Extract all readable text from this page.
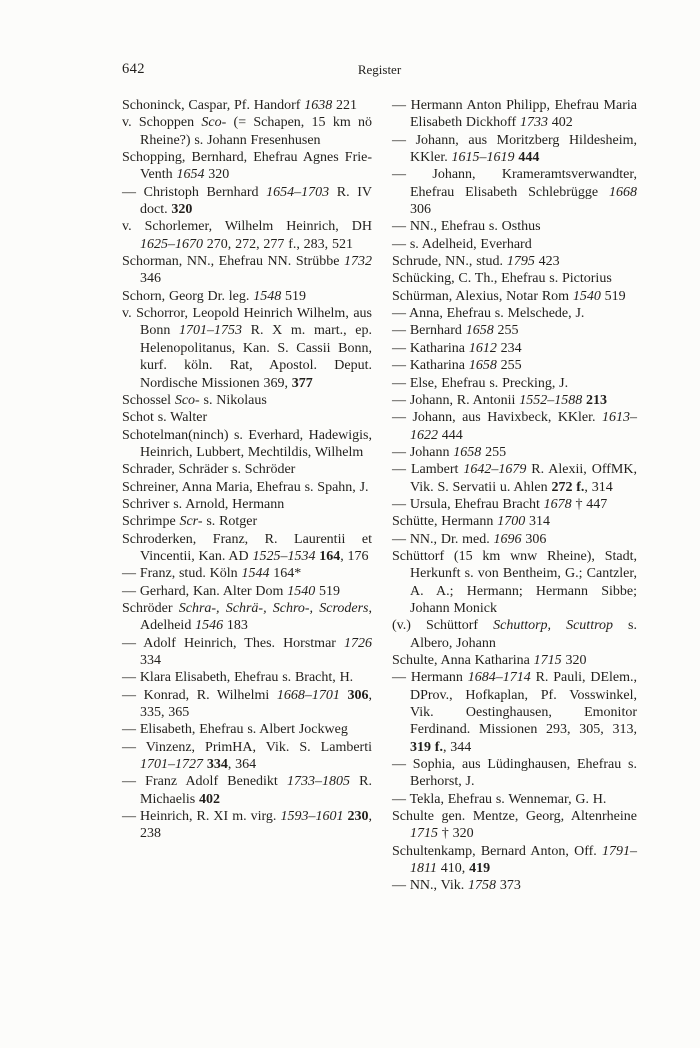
642	Register

Schoninck, Caspar, Pf. Handorf 1638 221

v. Schoppen Sco- (= Schapen, 15 km nö Rheine?) s. Johann Fresenhusen

Schopping, Bernhard, Ehefrau Agnes Frie-Venth 1654 320

— Christoph Bernhard 1654–1703 R. IV doct. 320

v. Schorlemer, Wilhelm Heinrich, DH 1625–1670 270, 272, 277 f., 283, 521

Schorman, NN., Ehefrau NN. Strübbe 1732 346

Schorn, Georg Dr. leg. 1548 519

v. Schorror, Leopold Heinrich Wilhelm, aus Bonn 1701–1753 R. X m. mart., ep. Helenopolitanus, Kan. S. Cassii Bonn, kurf. köln. Rat, Apostol. Deput. Nordische Missionen 369, 377

Schossel Sco- s. Nikolaus

Schot s. Walter

Schotelman(ninch) s. Everhard, Hadewigis, Heinrich, Lubbert, Mechtildis, Wilhelm

Schrader, Schräder s. Schröder

Schreiner, Anna Maria, Ehefrau s. Spahn, J.

Schriver s. Arnold, Hermann

Schrimpe Scr- s. Rotger

Schroderken, Franz, R. Laurentii et Vincentii, Kan. AD 1525–1534 164, 176

— Franz, stud. Köln 1544 164*

— Gerhard, Kan. Alter Dom 1540 519

Schröder Schra-, Schrä-, Schro-, Scroders, Adelheid 1546 183

— Adolf Heinrich, Thes. Horstmar 1726 334

— Klara Elisabeth, Ehefrau s. Bracht, H.

— Konrad, R. Wilhelmi 1668–1701 306, 335, 365

— Elisabeth, Ehefrau s. Albert Jockweg

— Vinzenz, PrimHA, Vik. S. Lamberti 1701–1727 334, 364

— Franz Adolf Benedikt 1733–1805 R. Michaelis 402

— Heinrich, R. XI m. virg. 1593–1601 230, 238

— Hermann Anton Philipp, Ehefrau Maria Elisabeth Dickhoff 1733 402

— Johann, aus Moritzberg Hildesheim, KKler. 1615–1619 444

— Johann, Krameramtsverwandter, Ehefrau Elisabeth Schlebrügge 1668 306

— NN., Ehefrau s. Osthus

— s. Adelheid, Everhard

Schrude, NN., stud. 1795 423

Schücking, C. Th., Ehefrau s. Pictorius

Schürman, Alexius, Notar Rom 1540 519

— Anna, Ehefrau s. Melschede, J.

— Bernhard 1658 255

— Katharina 1612 234

— Katharina 1658 255

— Else, Ehefrau s. Precking, J.

— Johann, R. Antonii 1552–1588 213

— Johann, aus Havixbeck, KKler. 1613–1622 444

— Johann 1658 255

— Lambert 1642–1679 R. Alexii, OffMK, Vik. S. Servatii u. Ahlen 272 f., 314

— Ursula, Ehefrau Bracht 1678 † 447

Schütte, Hermann 1700 314

— NN., Dr. med. 1696 306

Schüttorf (15 km wnw Rheine), Stadt, Herkunft s. von Bentheim, G.; Cantzler, A. A.; Hermann; Hermann Sibbe; Johann Monick

(v.) Schüttorf Schuttorp, Scuttrop s. Albero, Johann

Schulte, Anna Katharina 1715 320

— Hermann 1684–1714 R. Pauli, DElem., DProv., Hofkaplan, Pf. Vosswinkel, Vik. Oestinghausen, Emonitor Ferdinand. Missionen 293, 305, 313, 319 f., 344

— Sophia, aus Lüdinghausen, Ehefrau s. Berhorst, J.

— Tekla, Ehefrau s. Wennemar, G. H.

Schulte gen. Mentze, Georg, Altenrheine 1715 † 320

Schultenkamp, Bernard Anton, Off. 1791–1811 410, 419

— NN., Vik. 1758 373
